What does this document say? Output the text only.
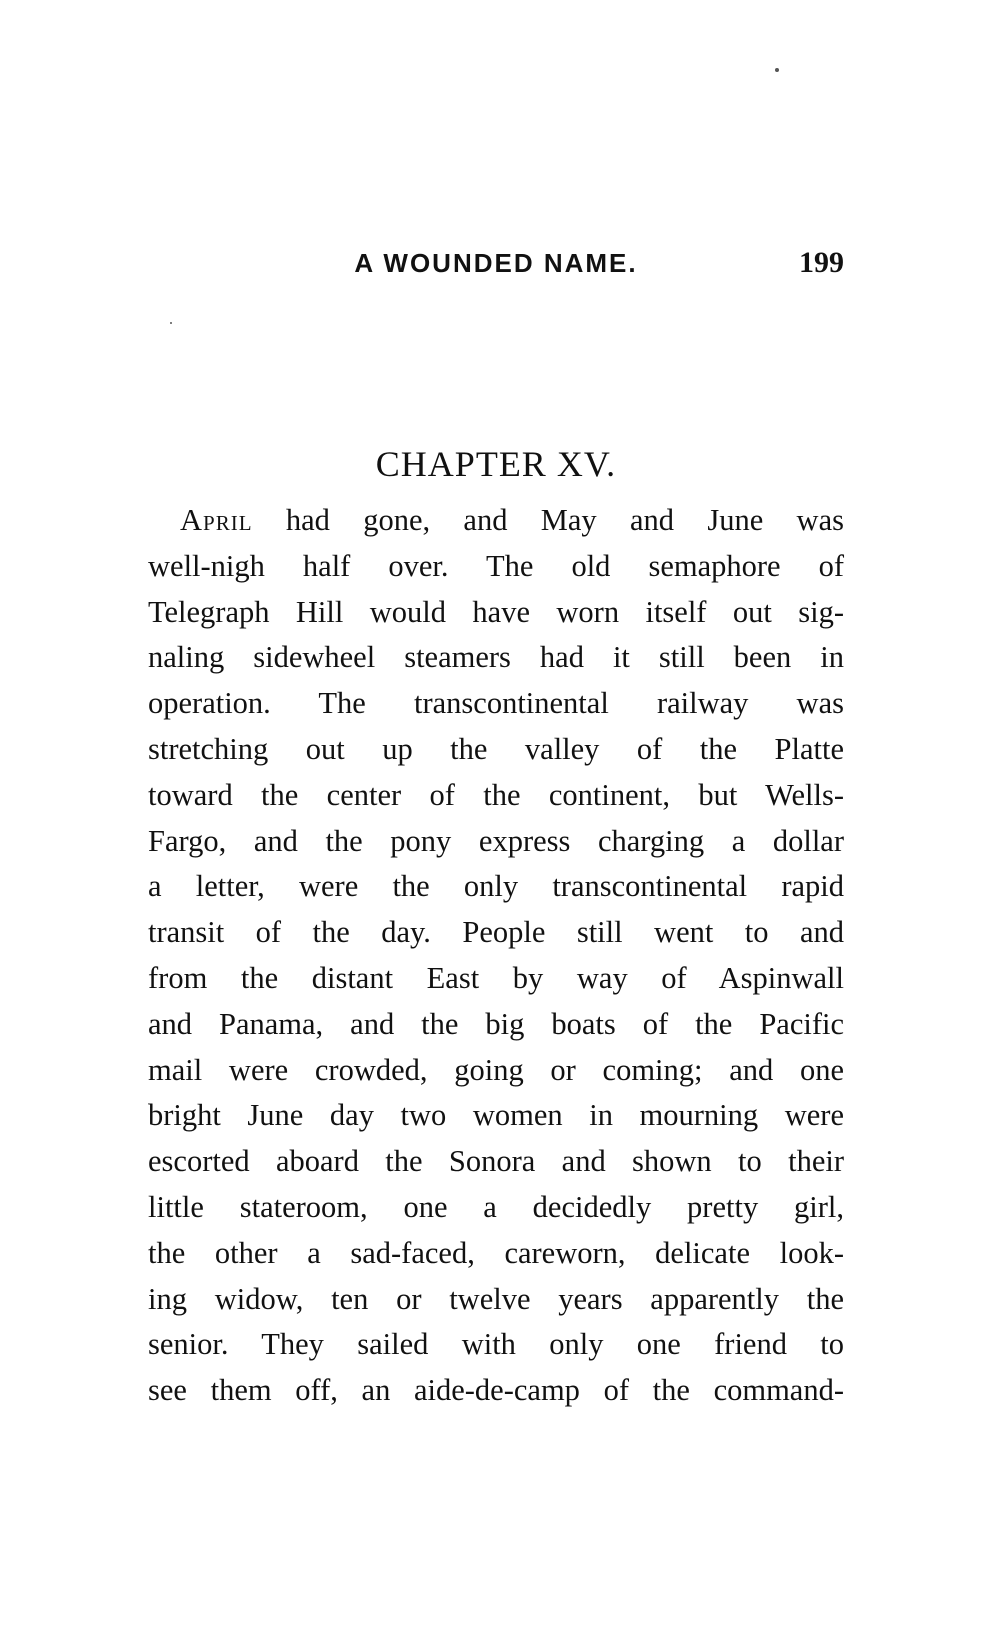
A WOUNDED NAME.	199
CHAPTER XV.

April had gone, and May and June was
well-nigh half over. The old semaphore of
Telegraph Hill would have worn itself out sig-
naling sidewheel steamers had it still been in
operation. The transcontinental railway was
stretching out up the valley of the Platte
toward the center of the continent, but Wells-
Fargo, and the pony express charging a dollar
a letter, were the only transcontinental rapid
transit of the day. People still went to and
from the distant East by way of Aspinwall
and Panama, and the big boats of the Pacific
mail were crowded, going or coming; and one
bright June day two women in mourning were
escorted aboard the Sonora and shown to their
little stateroom, one a decidedly pretty girl,
the other a sad-faced, careworn, delicate look-
ing widow, ten or twelve years apparently the
senior. They sailed with only one friend to
see them off, an aide-de-camp of the command-
